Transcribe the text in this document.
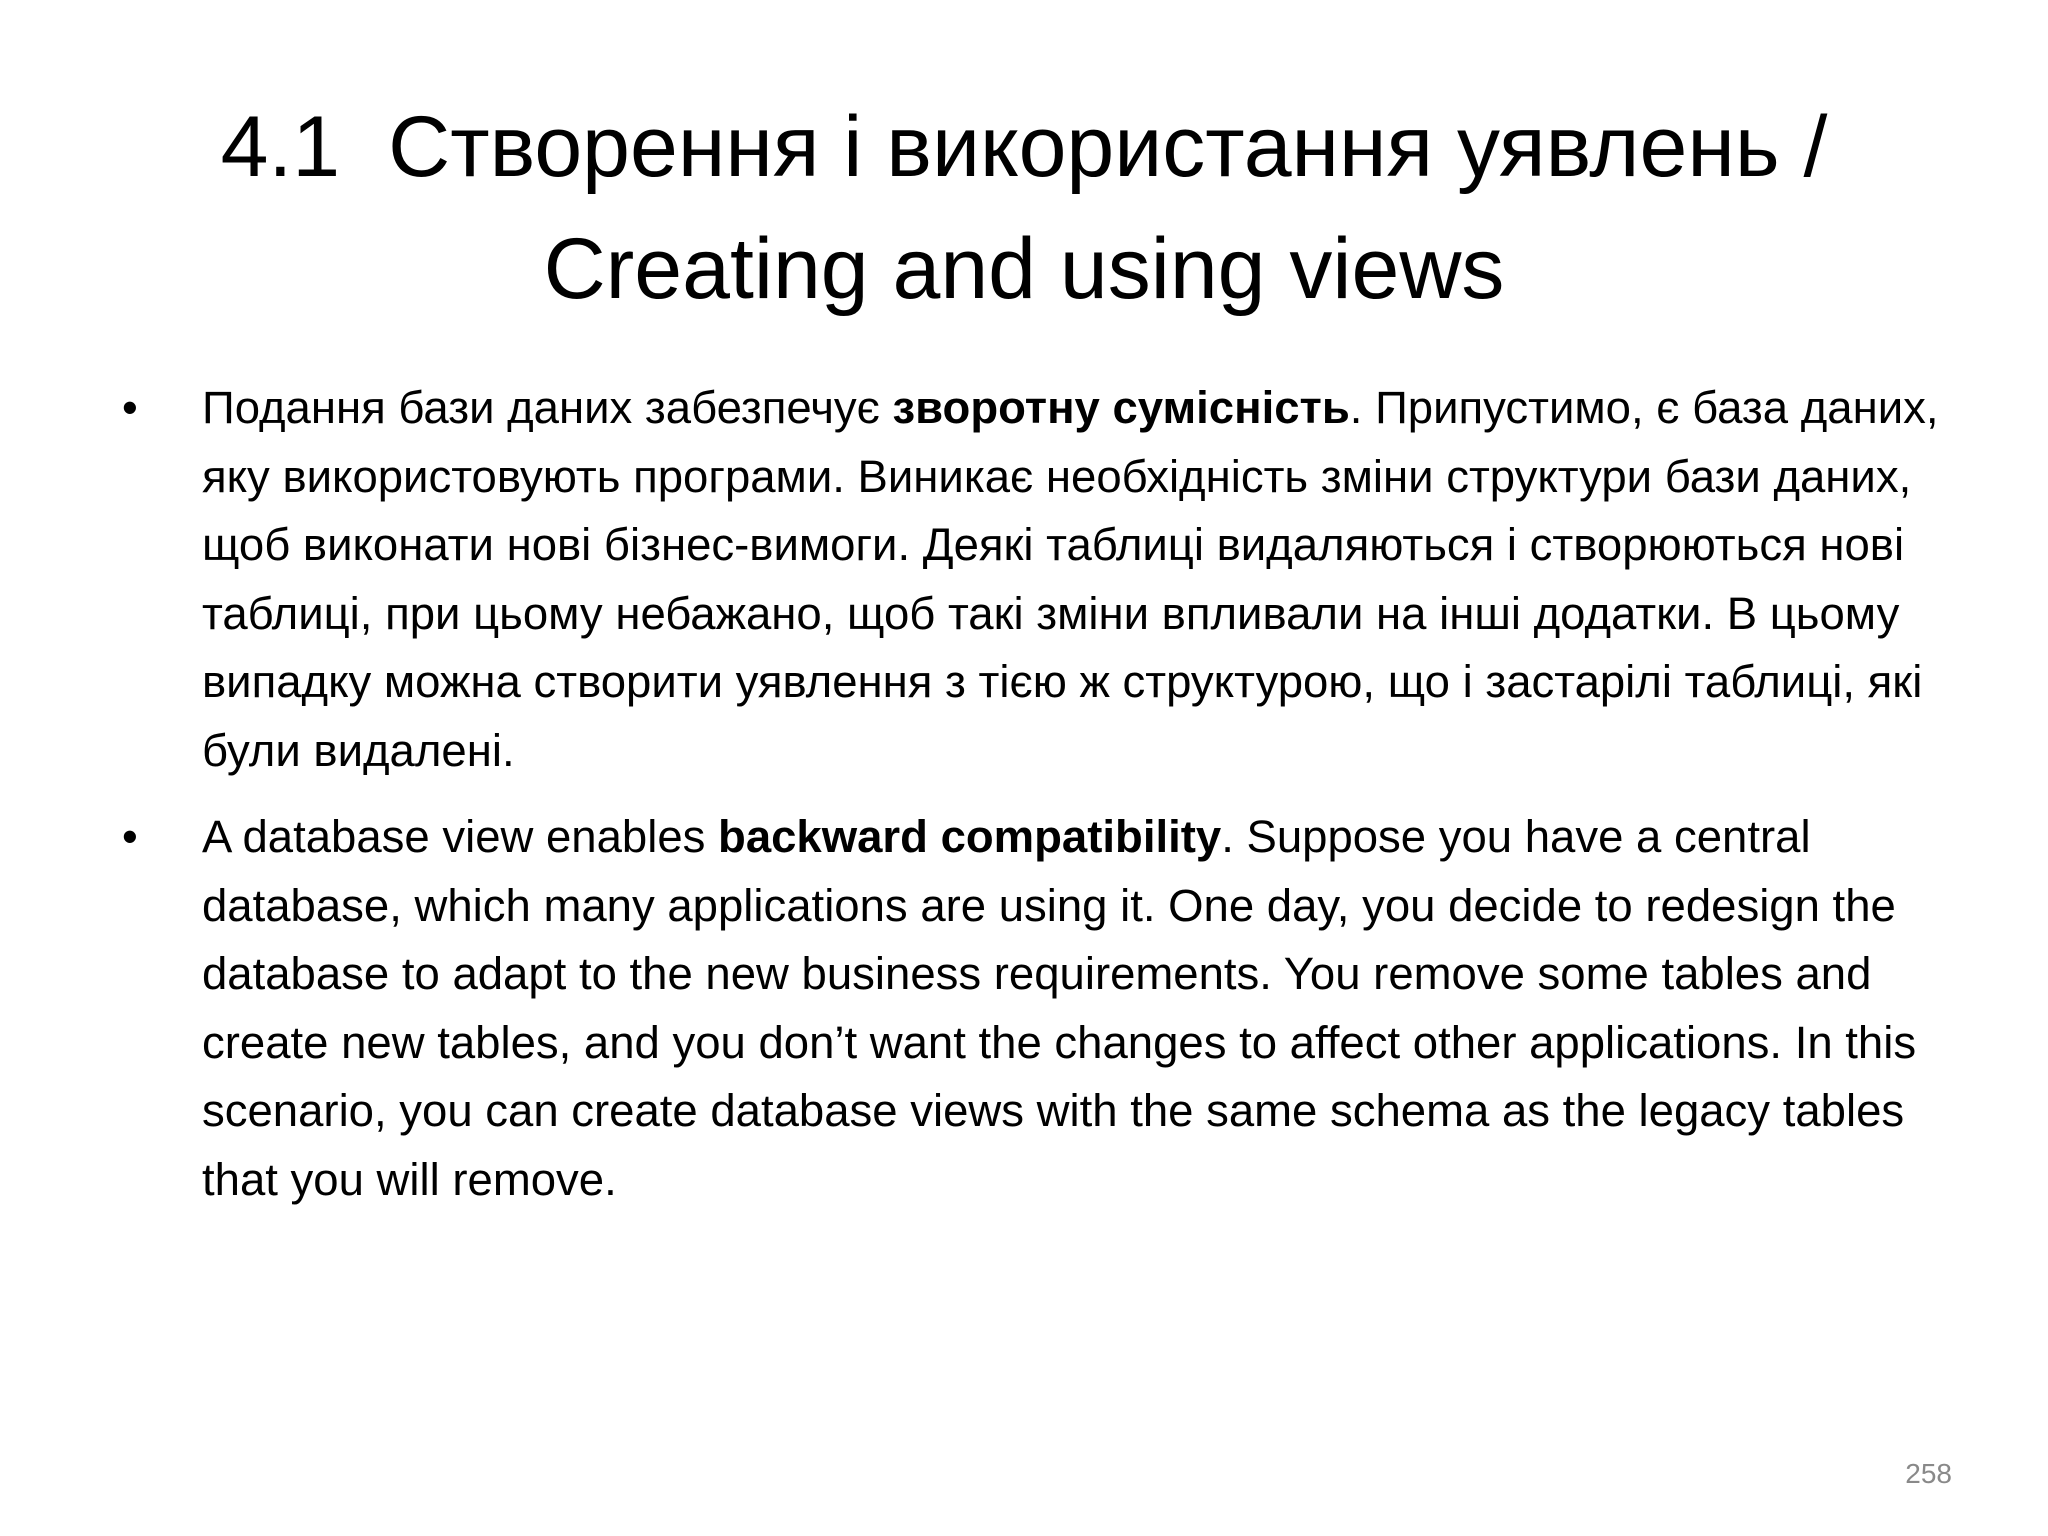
4.1 Створення і використання уявлень /
Creating and using views
• Подання бази даних забезпечує зворотну сумісність. Припустимо, є база даних, яку використовують програми. Виникає необхідність зміни структури бази даних, щоб виконати нові бізнес-вимоги. Деякі таблиці видаляються і створюються нові таблиці, при цьому небажано, щоб такі зміни впливали на інші додатки. В цьому випадку можна створити уявлення з тією ж структурою, що і застарілі таблиці, які були видалені.
• A database view enables backward compatibility. Suppose you have a central database, which many applications are using it. One day, you decide to redesign the database to adapt to the new business requirements. You remove some tables and create new tables, and you don’t want the changes to affect other applications. In this scenario, you can create database views with the same schema as the legacy tables that you will remove.
258
